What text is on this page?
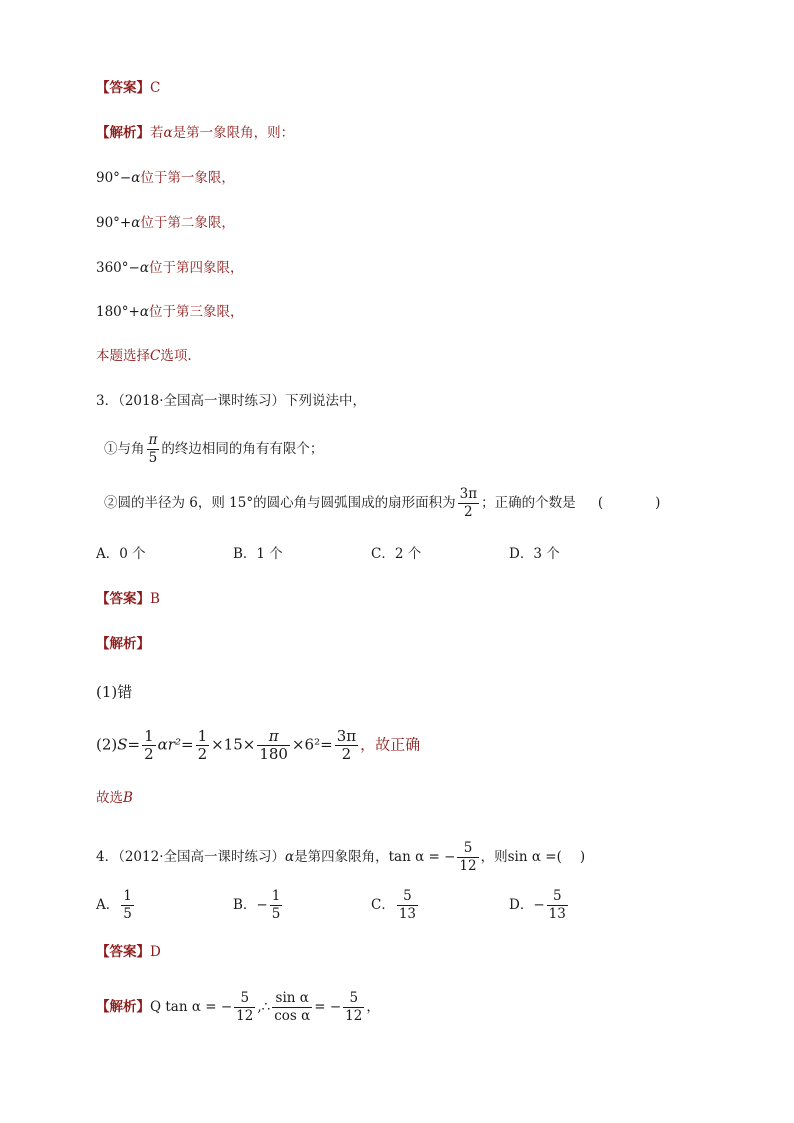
【答案】C
【解析】若α是第一象限角，则：
90°−α位于第一象限，
90°+α位于第二象限，
360°−α位于第四象限，
180°+α位于第三象限，
本题选择C选项.
3．（2018·全国高一课时练习）下列说法中，
①与角 $\frac{\pi}{5}$ 的终边相同的角有有限个；
②圆的半径为 6，则 15°的圆心角与圆弧围成的扇形面积为 $\frac{3\pi}{2}$ ；正确的个数是 (	)
A．0 个	B．1 个	C．2 个	D．3 个
【答案】B
【解析】
(1)错
$(2)S= \frac{1}{2} \alpha r^2= \frac{1}{2} \times 15\times \frac{\pi}{180} \times 6^2= \frac{3\pi}{2}$ ，故正确
故选B
4．（2012·全国高一课时练习）α是第四象限角，tan α = − $\frac{5}{12}$ ，则sin α =( )
A． $\frac{1}{5}$	B．− $\frac{1}{5}$	C． $\frac{5}{13}$	D．− $\frac{5}{13}$
【答案】D
【解析】Q tan α = − $\frac{5}{12}$ ,∴ $\frac{\text{sin α}}{\text{cos α}}$ = − $\frac{5}{12}$ ，
